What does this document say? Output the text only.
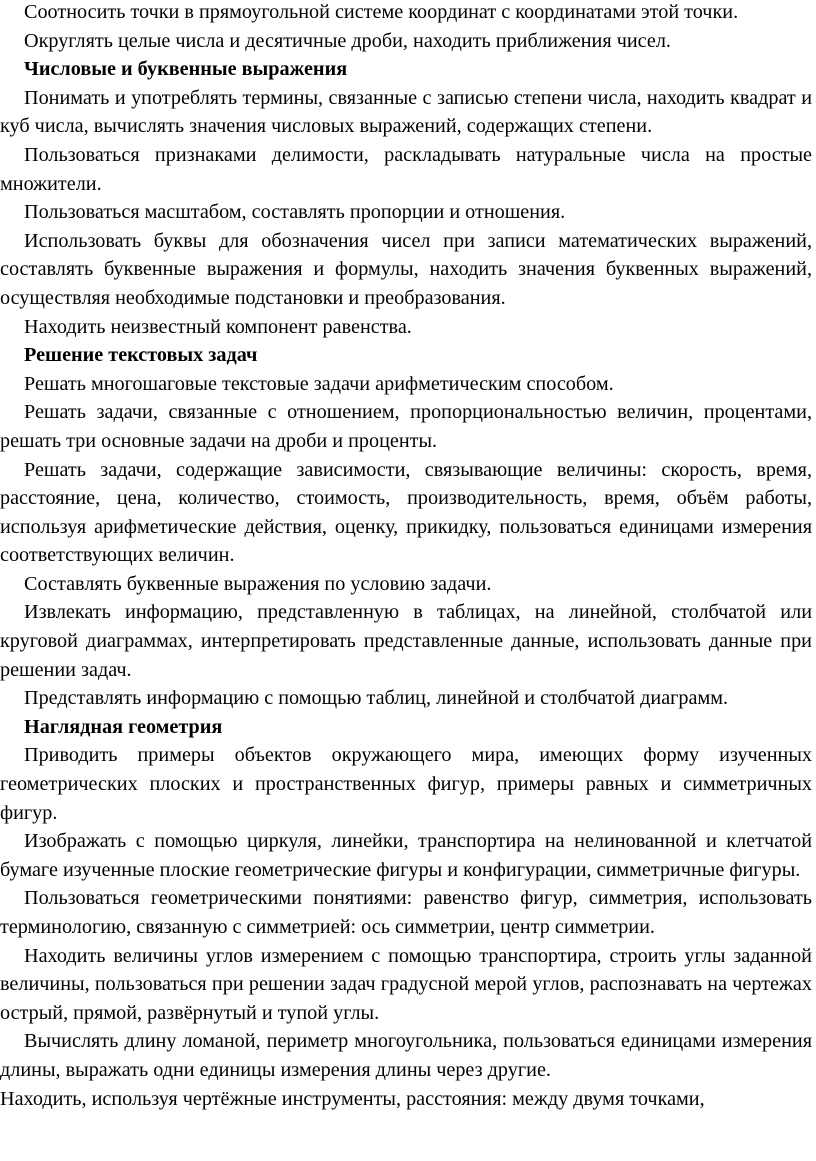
Соотносить точки в прямоугольной системе координат с координатами этой точки.

Округлять целые числа и десятичные дроби, находить приближения чисел.

Числовые и буквенные выражения

Понимать и употреблять термины, связанные с записью степени числа, находить квадрат и куб числа, вычислять значения числовых выражений, содержащих степени.

Пользоваться признаками делимости, раскладывать натуральные числа на простые множители.

Пользоваться масштабом, составлять пропорции и отношения.

Использовать буквы для обозначения чисел при записи математических выражений, составлять буквенные выражения и формулы, находить значения буквенных выражений, осуществляя необходимые подстановки и преобразования.

Находить неизвестный компонент равенства.

Решение текстовых задач

Решать многошаговые текстовые задачи арифметическим способом.

Решать задачи, связанные с отношением, пропорциональностью величин, процентами, решать три основные задачи на дроби и проценты.

Решать задачи, содержащие зависимости, связывающие величины: скорость, время, расстояние, цена, количество, стоимость, производительность, время, объём работы, используя арифметические действия, оценку, прикидку, пользоваться единицами измерения соответствующих величин.

Составлять буквенные выражения по условию задачи.

Извлекать информацию, представленную в таблицах, на линейной, столбчатой или круговой диаграммах, интерпретировать представленные данные, использовать данные при решении задач.

Представлять информацию с помощью таблиц, линейной и столбчатой диаграмм.

Наглядная геометрия

Приводить примеры объектов окружающего мира, имеющих форму изученных геометрических плоских и пространственных фигур, примеры равных и симметричных фигур.

Изображать с помощью циркуля, линейки, транспортира на нелинованной и клетчатой бумаге изученные плоские геометрические фигуры и конфигурации, симметричные фигуры.

Пользоваться геометрическими понятиями: равенство фигур, симметрия, использовать терминологию, связанную с симметрией: ось симметрии, центр симметрии.

Находить величины углов измерением с помощью транспортира, строить углы заданной величины, пользоваться при решении задач градусной мерой углов, распознавать на чертежах острый, прямой, развёрнутый и тупой углы.

Вычислять длину ломаной, периметр многоугольника, пользоваться единицами измерения длины, выражать одни единицы измерения длины через другие.

Находить, используя чертёжные инструменты, расстояния: между двумя точками,
